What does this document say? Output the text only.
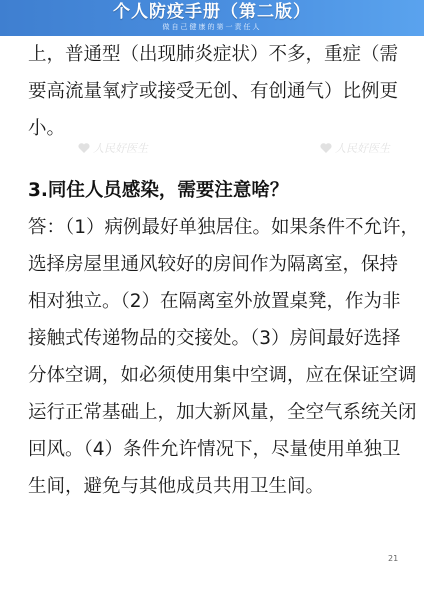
个人防疫手册（第二版）
做自己健康的第一责任人
人民好医生	人民好医生
上，普通型（出现肺炎症状）不多，重症（需
要高流量氧疗或接受无创、有创通气）比例更
小。
3.同住人员感染，需要注意啥？
答：（1）病例最好单独居住。如果条件不允许，
选择房屋里通风较好的房间作为隔离室，保持
相对独立。（2）在隔离室外放置桌凳，作为非
接触式传递物品的交接处。（3）房间最好选择
分体空调，如必须使用集中空调，应在保证空调
运行正常基础上，加大新风量，全空气系统关闭
回风。（4）条件允许情况下，尽量使用单独卫
生间，避免与其他成员共用卫生间。
21
